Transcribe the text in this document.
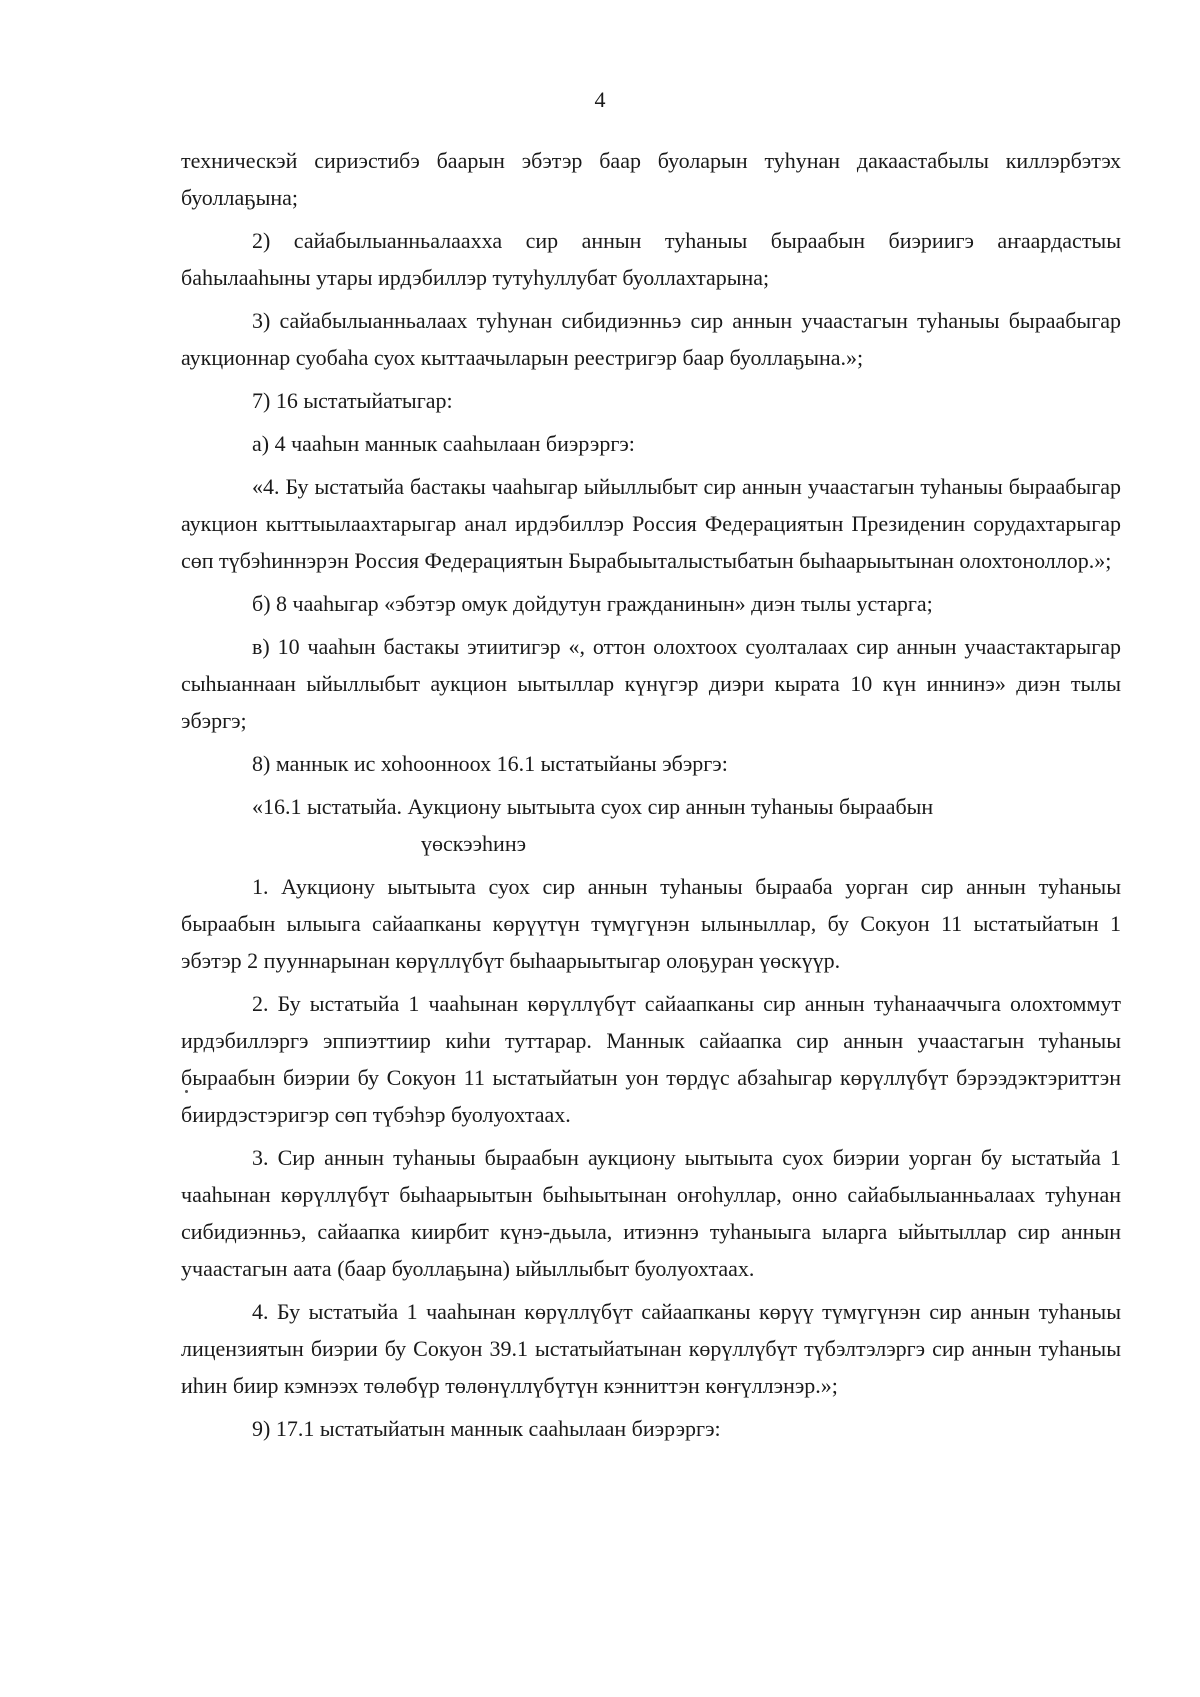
4

техническэй сириэстибэ баарын эбэтэр баар буоларын туһунан дакаастабылы киллэрбэтэх буоллаҕына;

2) сайабылыанньалаахха сир аннын туһаныы быраабын биэриигэ аҥаардастыы баһылааһыны утары ирдэбиллэр тутуһуллубат буоллахтарына;

3) сайабылыанньалаах туһунан сибидиэнньэ сир аннын учаастагын туһаныы быраабыгар аукционнар суобаһа суох кыттаачыларын реестригэр баар буоллаҕына.»;

7) 16 ыстатыйатыгар:

а) 4 чааһын маннык сааһылаан биэрэргэ:

«4. Бу ыстатыйа бастакы чааһыгар ыйыллыбыт сир аннын учаастагын туһаныы быраабыгар аукцион кыттыылаахтарыгар анал ирдэбиллэр Россия Федерациятын Президенин сорудахтарыгар сөп түбэһиннэрэн Россия Федерациятын Бырабыыталыстыбатын быһаарыытынан олохтоноллор.»;

б) 8 чааһыгар «эбэтэр омук дойдутун гражданинын» диэн тылы устарга;

в) 10 чааһын бастакы этиитигэр «, оттон олохтоох суолталаах сир аннын учаастактарыгар сыһыаннаан ыйыллыбыт аукцион ыытыллар күнүгэр диэри кырата 10 күн иннинэ» диэн тылы эбэргэ;

8) маннык ис хоһоонноох 16.1 ыстатыйаны эбэргэ:

«16.1 ыстатыйа. Аукциону ыытыыта суох сир аннын туһаныы быраабын

үөскээһинэ

1. Аукциону ыытыыта суох сир аннын туһаныы быраабa уорган сир аннын туһаныы быраабын ылыыга сайаапканы көрүүтүн түмүгүнэн ылыныллар, бу Сокуон 11 ыстатыйатын 1 эбэтэр 2 пууннарынан көрүллүбүт быһаарыытыгар олоҕуран үөскүүр.

2. Бу ыстатыйа 1 чааһынан көрүллүбүт сайаапканы сир аннын туһанааччыга олохтоммут ирдэбиллэргэ эппиэттиир киһи туттарар. Маннык сайаапка сир аннын учаастагын туһаныы быраабын биэрии бу Сокуон 11 ыстатыйатын уон төрдүс абзаһыгар көрүллүбүт бэрээдэктэриттэн биирдэстэригэр сөп түбэһэр буолуохтаах.

3. Сир аннын туһаныы быраабын аукциону ыытыыта суох биэрии уорган бу ыстатыйа 1 чааһынан көрүллүбүт быһаарыытын быһыытынан оҥоһуллар, онно сайабылыанньалаах туһунан сибидиэнньэ, сайаапка киирбит күнэ-дьыла, итиэннэ туһаныыга ыларга ыйытыллар сир аннын учаастагын аата (баар буоллаҕына) ыйыллыбыт буолуохтаах.

4. Бу ыстатыйа 1 чааһынан көрүллүбүт сайаапканы көрүү түмүгүнэн сир аннын туһаныы лицензиятын биэрии бу Сокуон 39.1 ыстатыйатынан көрүллүбүт түбэлтэлэргэ сир аннын туһаныы иһин биир кэмнээх төлөбүр төлөнүллүбүтүн кэнниттэн көҥүллэнэр.»;

9) 17.1 ыстатыйатын маннык сааһылаан биэрэргэ:
